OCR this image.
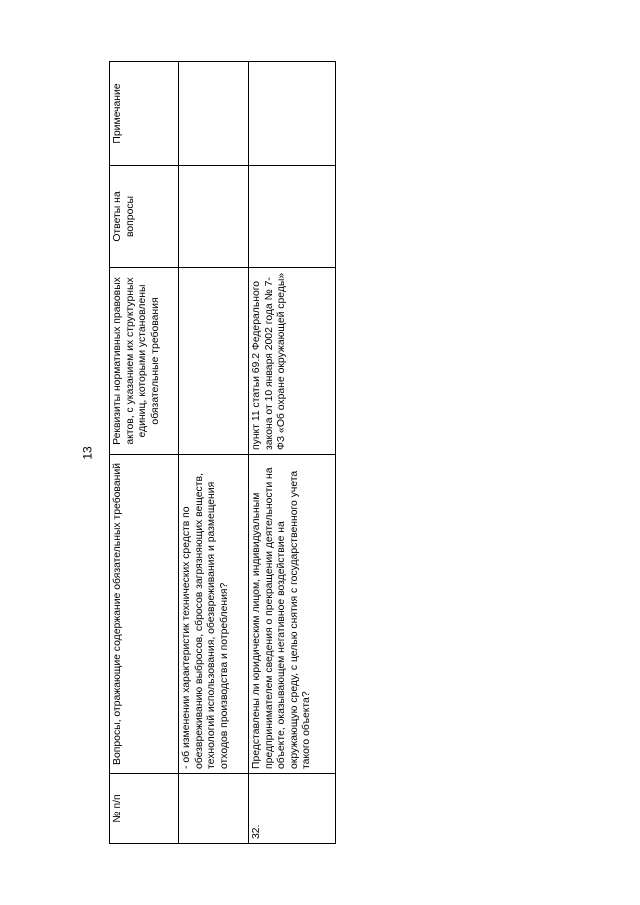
13
№ п/п	Вопросы, отражающие содержание обязательных требований	Реквизиты нормативных правовых актов, с указанием их структурных единиц, которыми установлены обязательные требования	Ответы на вопросы	Примечание
	- об изменении характеристик технических средств по обезвреживанию выбросов, сбросов загрязняющих веществ, технологий использования, обезвреживания и размещения отходов производства и потребления?			
32.	Представлены ли юридическим лицом, индивидуальным предпринимателем сведения о прекращении деятельности на объекте, оказывающем негативное воздействие на окружающую среду, с целью снятия с государственного учета такого объекта?	пункт 11 статьи 69.2 Федерального закона от 10 января 2002 года № 7-ФЗ «Об охране окружающей среды»		
